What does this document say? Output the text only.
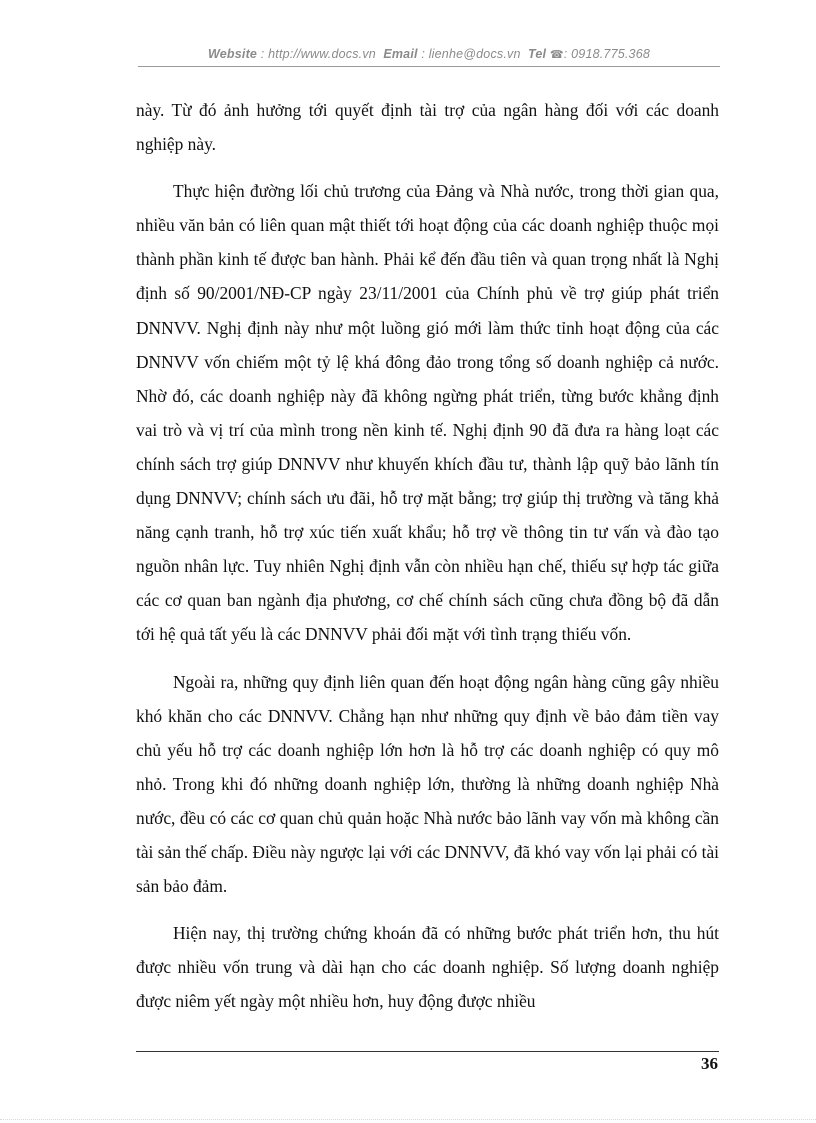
Website : http://www.docs.vn Email : lienhe@docs.vn Tel ☎: 0918.775.368

này. Từ đó ảnh hưởng tới quyết định tài trợ của ngân hàng đối với các doanh nghiệp này.

Thực hiện đường lối chủ trương của Đảng và Nhà nước, trong thời gian qua, nhiều văn bản có liên quan mật thiết tới hoạt động của các doanh nghiệp thuộc mọi thành phần kinh tế được ban hành. Phải kể đến đầu tiên và quan trọng nhất là Nghị định số 90/2001/NĐ-CP ngày 23/11/2001 của Chính phủ về trợ giúp phát triển DNNVV. Nghị định này như một luồng gió mới làm thức tỉnh hoạt động của các DNNVV vốn chiếm một tỷ lệ khá đông đảo trong tổng số doanh nghiệp cả nước. Nhờ đó, các doanh nghiệp này đã không ngừng phát triển, từng bước khẳng định vai trò và vị trí của mình trong nền kinh tế. Nghị định 90 đã đưa ra hàng loạt các chính sách trợ giúp DNNVV như khuyến khích đầu tư, thành lập quỹ bảo lãnh tín dụng DNNVV; chính sách ưu đãi, hỗ trợ mặt bằng; trợ giúp thị trường và tăng khả năng cạnh tranh, hỗ trợ xúc tiến xuất khẩu; hỗ trợ về thông tin tư vấn và đào tạo nguồn nhân lực. Tuy nhiên Nghị định vẫn còn nhiều hạn chế, thiếu sự hợp tác giữa các cơ quan ban ngành địa phương, cơ chế chính sách cũng chưa đồng bộ đã dẫn tới hệ quả tất yếu là các DNNVV phải đối mặt với tình trạng thiếu vốn.

Ngoài ra, những quy định liên quan đến hoạt động ngân hàng cũng gây nhiều khó khăn cho các DNNVV. Chẳng hạn như những quy định về bảo đảm tiền vay chủ yếu hỗ trợ các doanh nghiệp lớn hơn là hỗ trợ các doanh nghiệp có quy mô nhỏ. Trong khi đó những doanh nghiệp lớn, thường là những doanh nghiệp Nhà nước, đều có các cơ quan chủ quản hoặc Nhà nước bảo lãnh vay vốn mà không cần tài sản thế chấp. Điều này ngược lại với các DNNVV, đã khó vay vốn lại phải có tài sản bảo đảm.

Hiện nay, thị trường chứng khoán đã có những bước phát triển hơn, thu hút được nhiều vốn trung và dài hạn cho các doanh nghiệp. Số lượng doanh nghiệp được niêm yết ngày một nhiều hơn, huy động được nhiều

36
